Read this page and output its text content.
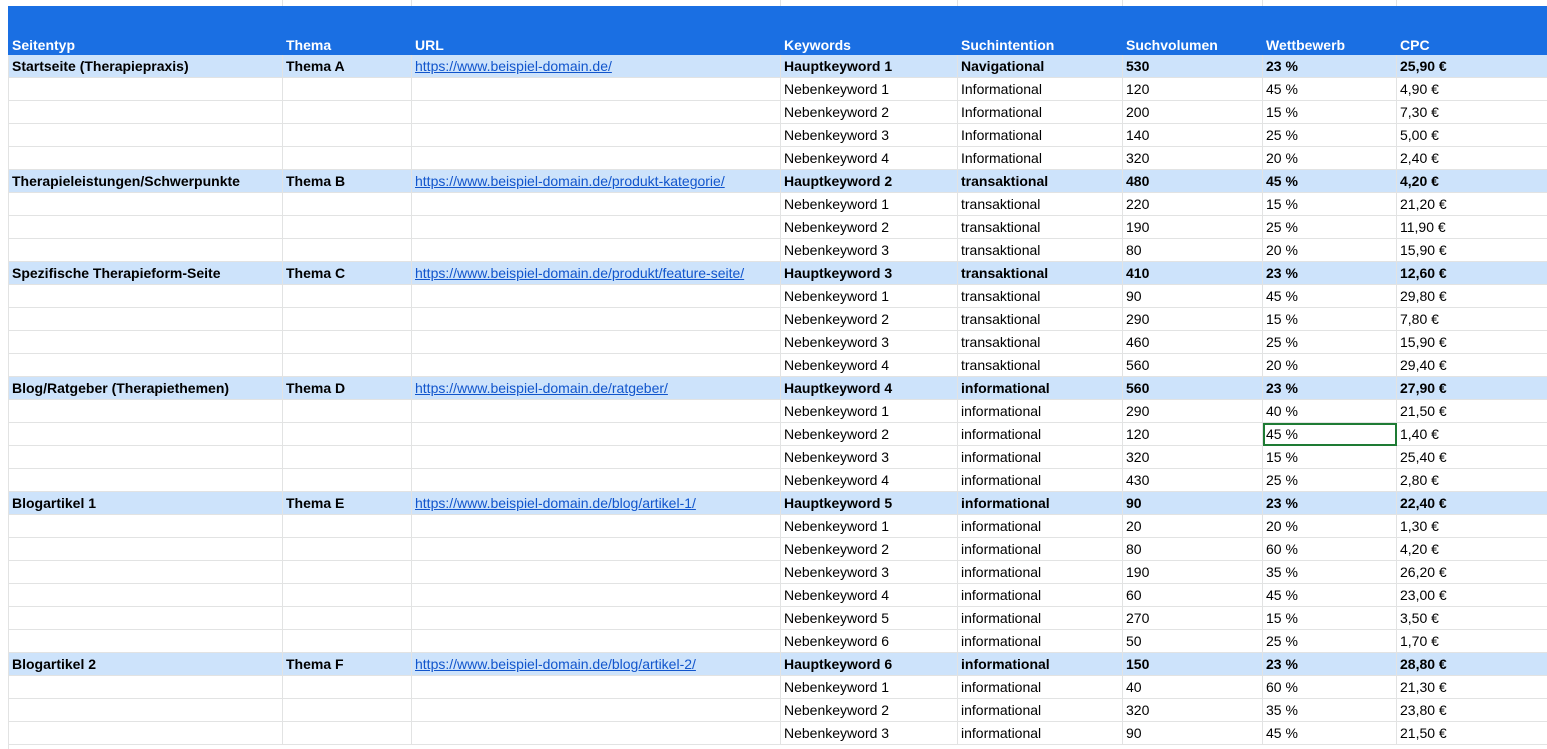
Seitentyp	Thema	URL	Keywords	Suchintention	Suchvolumen	Wettbewerb	CPC
Startseite (Therapiepraxis)	Thema A	https://www.beispiel-domain.de/	Hauptkeyword 1	Navigational	530	23 %	25,90 €
			Nebenkeyword 1	Informational	120	45 %	4,90 €
			Nebenkeyword 2	Informational	200	15 %	7,30 €
			Nebenkeyword 3	Informational	140	25 %	5,00 €
			Nebenkeyword 4	Informational	320	20 %	2,40 €
Therapieleistungen/Schwerpunkte	Thema B	https://www.beispiel-domain.de/produkt-kategorie/	Hauptkeyword 2	transaktional	480	45 %	4,20 €
			Nebenkeyword 1	transaktional	220	15 %	21,20 €
			Nebenkeyword 2	transaktional	190	25 %	11,90 €
			Nebenkeyword 3	transaktional	80	20 %	15,90 €
Spezifische Therapieform-Seite	Thema C	https://www.beispiel-domain.de/produkt/feature-seite/	Hauptkeyword 3	transaktional	410	23 %	12,60 €
			Nebenkeyword 1	transaktional	90	45 %	29,80 €
			Nebenkeyword 2	transaktional	290	15 %	7,80 €
			Nebenkeyword 3	transaktional	460	25 %	15,90 €
			Nebenkeyword 4	transaktional	560	20 %	29,40 €
Blog/Ratgeber (Therapiethemen)	Thema D	https://www.beispiel-domain.de/ratgeber/	Hauptkeyword 4	informational	560	23 %	27,90 €
			Nebenkeyword 1	informational	290	40 %	21,50 €
			Nebenkeyword 2	informational	120	45 %	1,40 €
			Nebenkeyword 3	informational	320	15 %	25,40 €
			Nebenkeyword 4	informational	430	25 %	2,80 €
Blogartikel 1	Thema E	https://www.beispiel-domain.de/blog/artikel-1/	Hauptkeyword 5	informational	90	23 %	22,40 €
			Nebenkeyword 1	informational	20	20 %	1,30 €
			Nebenkeyword 2	informational	80	60 %	4,20 €
			Nebenkeyword 3	informational	190	35 %	26,20 €
			Nebenkeyword 4	informational	60	45 %	23,00 €
			Nebenkeyword 5	informational	270	15 %	3,50 €
			Nebenkeyword 6	informational	50	25 %	1,70 €
Blogartikel 2	Thema F	https://www.beispiel-domain.de/blog/artikel-2/	Hauptkeyword 6	informational	150	23 %	28,80 €
			Nebenkeyword 1	informational	40	60 %	21,30 €
			Nebenkeyword 2	informational	320	35 %	23,80 €
			Nebenkeyword 3	informational	90	45 %	21,50 €
